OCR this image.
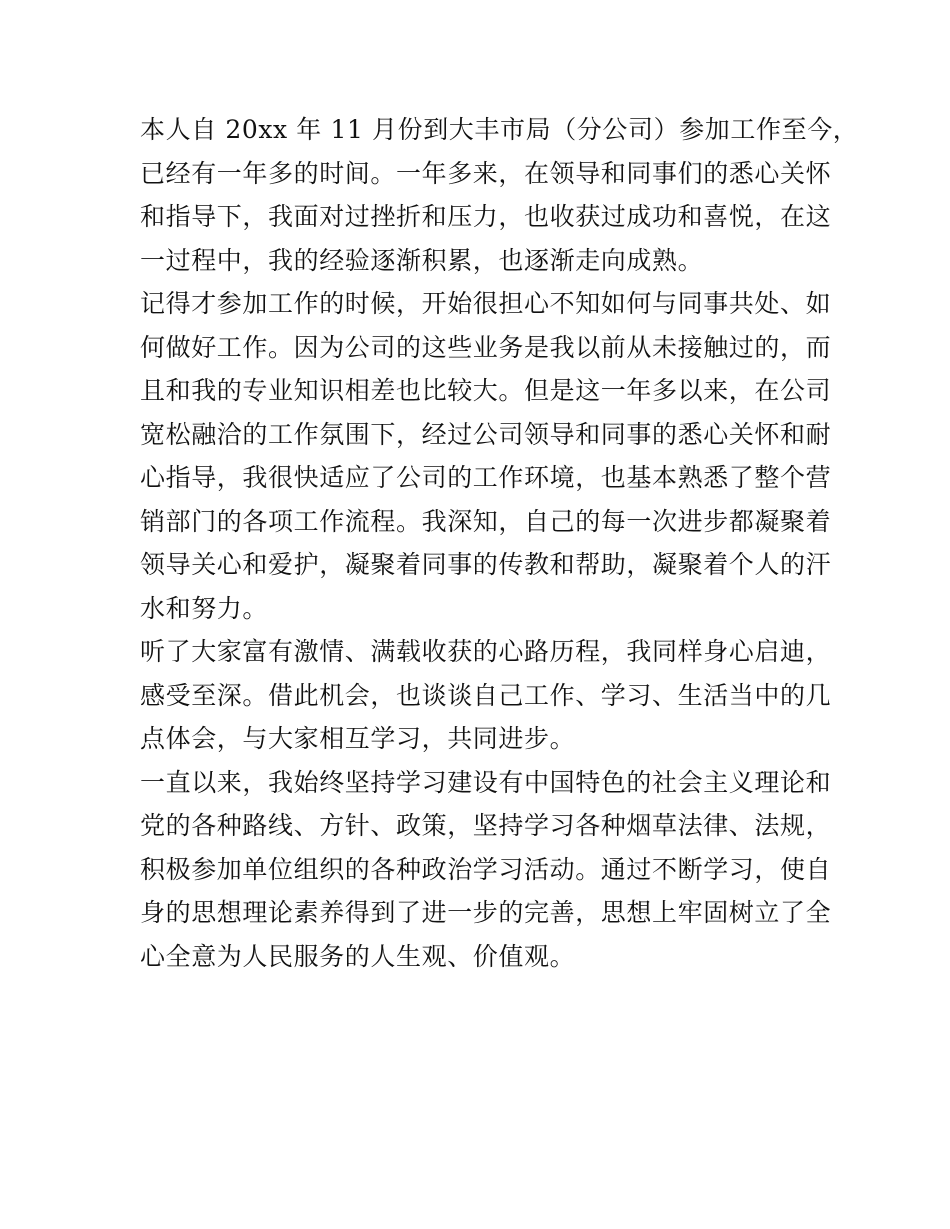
本人自 20xx 年 11 月份到大丰市局（分公司）参加工作至今，
已经有一年多的时间。一年多来，在领导和同事们的悉心关怀
和指导下，我面对过挫折和压力，也收获过成功和喜悦，在这
一过程中，我的经验逐渐积累，也逐渐走向成熟。
记得才参加工作的时候，开始很担心不知如何与同事共处、如
何做好工作。因为公司的这些业务是我以前从未接触过的，而
且和我的专业知识相差也比较大。但是这一年多以来，在公司
宽松融洽的工作氛围下，经过公司领导和同事的悉心关怀和耐
心指导，我很快适应了公司的工作环境，也基本熟悉了整个营
销部门的各项工作流程。我深知，自己的每一次进步都凝聚着
领导关心和爱护，凝聚着同事的传教和帮助，凝聚着个人的汗
水和努力。
听了大家富有激情、满载收获的心路历程，我同样身心启迪，
感受至深。借此机会，也谈谈自己工作、学习、生活当中的几
点体会，与大家相互学习，共同进步。
一直以来，我始终坚持学习建设有中国特色的社会主义理论和
党的各种路线、方针、政策，坚持学习各种烟草法律、法规，
积极参加单位组织的各种政治学习活动。通过不断学习，使自
身的思想理论素养得到了进一步的完善，思想上牢固树立了全
心全意为人民服务的人生观、价值观。
